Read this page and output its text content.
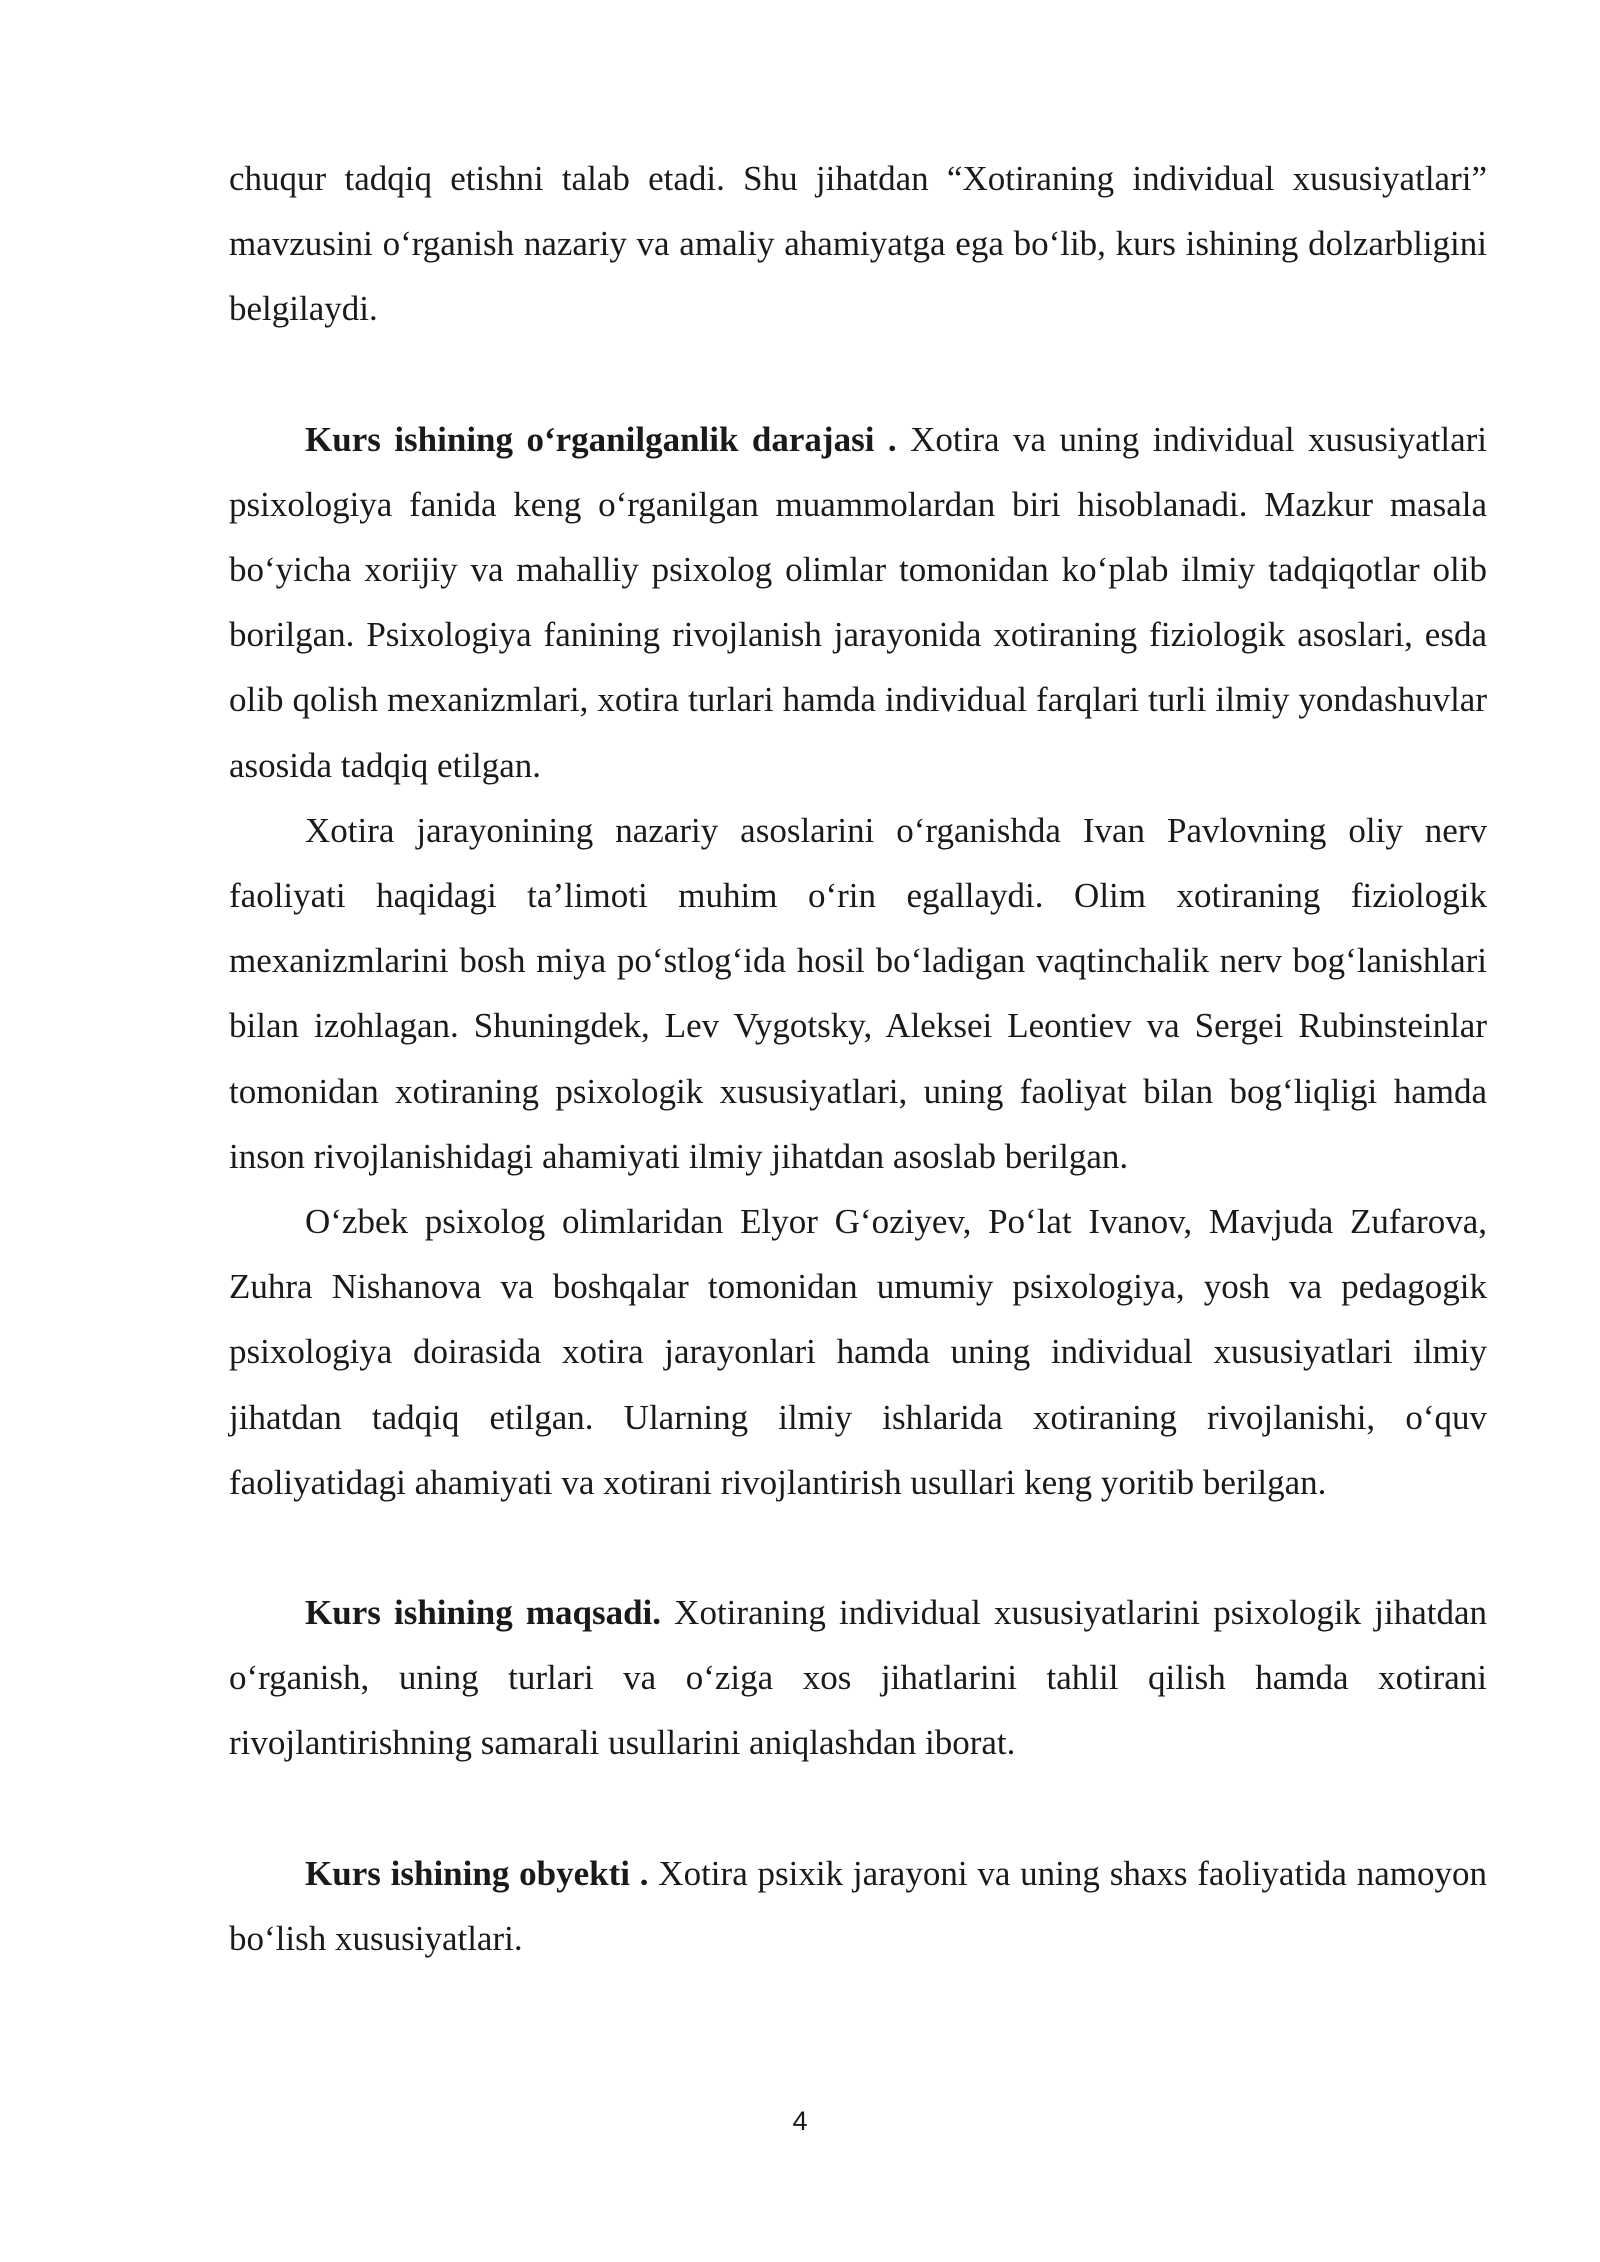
chuqur tadqiq etishni talab etadi. Shu jihatdan “Xotiraning individual xususiyatlari” mavzusini oʻrganish nazariy va amaliy ahamiyatga ega boʻlib, kurs ishining dolzarbligini belgilaydi.

Kurs ishining oʻrganilganlik darajasi . Xotira va uning individual xususiyatlari psixologiya fanida keng oʻrganilgan muammolardan biri hisoblanadi. Mazkur masala boʻyicha xorijiy va mahalliy psixolog olimlar tomonidan koʻplab ilmiy tadqiqotlar olib borilgan. Psixologiya fanining rivojlanish jarayonida xotiraning fiziologik asoslari, esda olib qolish mexanizmlari, xotira turlari hamda individual farqlari turli ilmiy yondashuvlar asosida tadqiq etilgan.

Xotira jarayonining nazariy asoslarini oʻrganishda Ivan Pavlovning oliy nerv faoliyati haqidagi ta’limoti muhim oʻrin egallaydi. Olim xotiraning fiziologik mexanizmlarini bosh miya poʻstlogʻida hosil boʻladigan vaqtinchalik nerv bogʻlanishlari bilan izohlagan. Shuningdek, Lev Vygotsky, Aleksei Leontiev va Sergei Rubinsteinlar tomonidan xotiraning psixologik xususiyatlari, uning faoliyat bilan bogʻliqligi hamda inson rivojlanishidagi ahamiyati ilmiy jihatdan asoslab berilgan.

Oʻzbek psixolog olimlaridan Elyor Gʻoziyev, Poʻlat Ivanov, Mavjuda Zufarova, Zuhra Nishanova va boshqalar tomonidan umumiy psixologiya, yosh va pedagogik psixologiya doirasida xotira jarayonlari hamda uning individual xususiyatlari ilmiy jihatdan tadqiq etilgan. Ularning ilmiy ishlarida xotiraning rivojlanishi, oʻquv faoliyatidagi ahamiyati va xotirani rivojlantirish usullari keng yoritib berilgan.

Kurs ishining maqsadi. Xotiraning individual xususiyatlarini psixologik jihatdan oʻrganish, uning turlari va oʻziga xos jihatlarini tahlil qilish hamda xotirani rivojlantirishning samarali usullarini aniqlashdan iborat.

Kurs ishining obyekti . Xotira psixik jarayoni va uning shaxs faoliyatida namoyon boʻlish xususiyatlari.

4
